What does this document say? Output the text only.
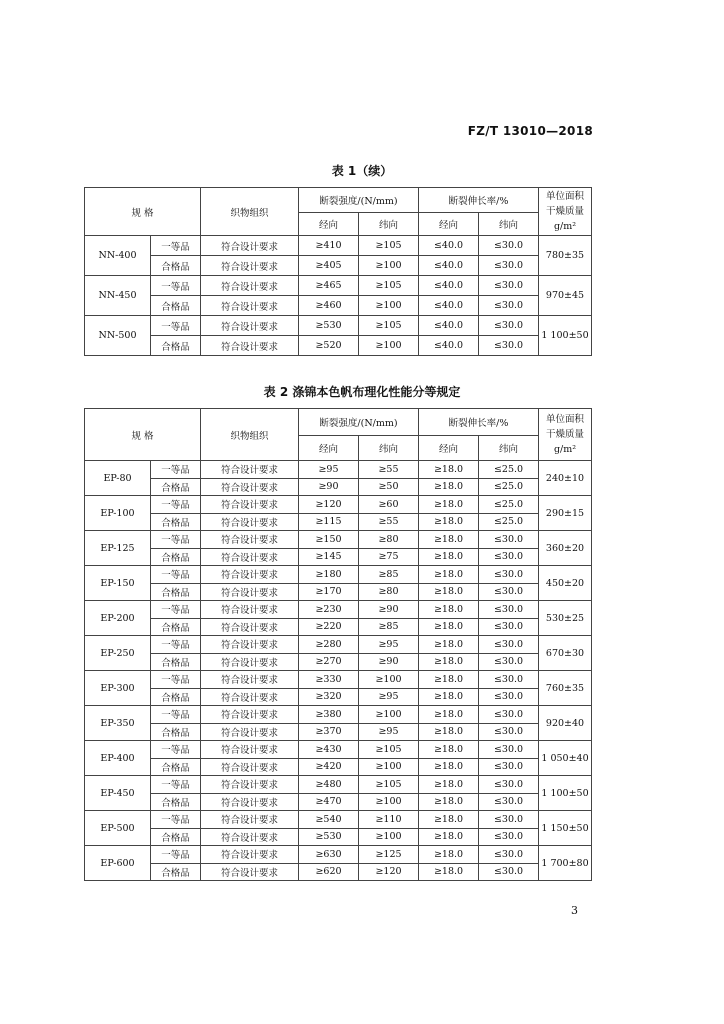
FZ/T 13010—2018
表 1（续）
规 格		织物组织	断裂强度/(N/mm)		断裂伸长率/%		单位面积
干燥质量
g/m²

			经向	纬向	经向	纬向	
NN-400	一等品	符合设计要求	≥410	≥105	≤40.0	≤30.0	780±35
	合格品	符合设计要求	≥405	≥100	≤40.0	≤30.0	
NN-450	一等品	符合设计要求	≥465	≥105	≤40.0	≤30.0	970±45
	合格品	符合设计要求	≥460	≥100	≤40.0	≤30.0	
NN-500	一等品	符合设计要求	≥530	≥105	≤40.0	≤30.0	1 100±50
	合格品	符合设计要求	≥520	≥100	≤40.0	≤30.0	
表 2 涤锦本色帆布理化性能分等规定
规 格		织物组织	断裂强度/(N/mm)		断裂伸长率/%		单位面积
干燥质量
g/m²

			经向	纬向	经向	纬向	
EP-80	一等品	符合设计要求	≥95	≥55	≥18.0	≤25.0	240±10
	合格品	符合设计要求	≥90	≥50	≥18.0	≤25.0	
EP-100	一等品	符合设计要求	≥120	≥60	≥18.0	≤25.0	290±15
	合格品	符合设计要求	≥115	≥55	≥18.0	≤25.0	
EP-125	一等品	符合设计要求	≥150	≥80	≥18.0	≤30.0	360±20
	合格品	符合设计要求	≥145	≥75	≥18.0	≤30.0	
EP-150	一等品	符合设计要求	≥180	≥85	≥18.0	≤30.0	450±20
	合格品	符合设计要求	≥170	≥80	≥18.0	≤30.0	
EP-200	一等品	符合设计要求	≥230	≥90	≥18.0	≤30.0	530±25
	合格品	符合设计要求	≥220	≥85	≥18.0	≤30.0	
EP-250	一等品	符合设计要求	≥280	≥95	≥18.0	≤30.0	670±30
	合格品	符合设计要求	≥270	≥90	≥18.0	≤30.0	
EP-300	一等品	符合设计要求	≥330	≥100	≥18.0	≤30.0	760±35
	合格品	符合设计要求	≥320	≥95	≥18.0	≤30.0	
EP-350	一等品	符合设计要求	≥380	≥100	≥18.0	≤30.0	920±40
	合格品	符合设计要求	≥370	≥95	≥18.0	≤30.0	
EP-400	一等品	符合设计要求	≥430	≥105	≥18.0	≤30.0	1 050±40
	合格品	符合设计要求	≥420	≥100	≥18.0	≤30.0	
EP-450	一等品	符合设计要求	≥480	≥105	≥18.0	≤30.0	1 100±50
	合格品	符合设计要求	≥470	≥100	≥18.0	≤30.0	
EP-500	一等品	符合设计要求	≥540	≥110	≥18.0	≤30.0	1 150±50
	合格品	符合设计要求	≥530	≥100	≥18.0	≤30.0	
EP-600	一等品	符合设计要求	≥630	≥125	≥18.0	≤30.0	1 700±80
	合格品	符合设计要求	≥620	≥120	≥18.0	≤30.0	
3
